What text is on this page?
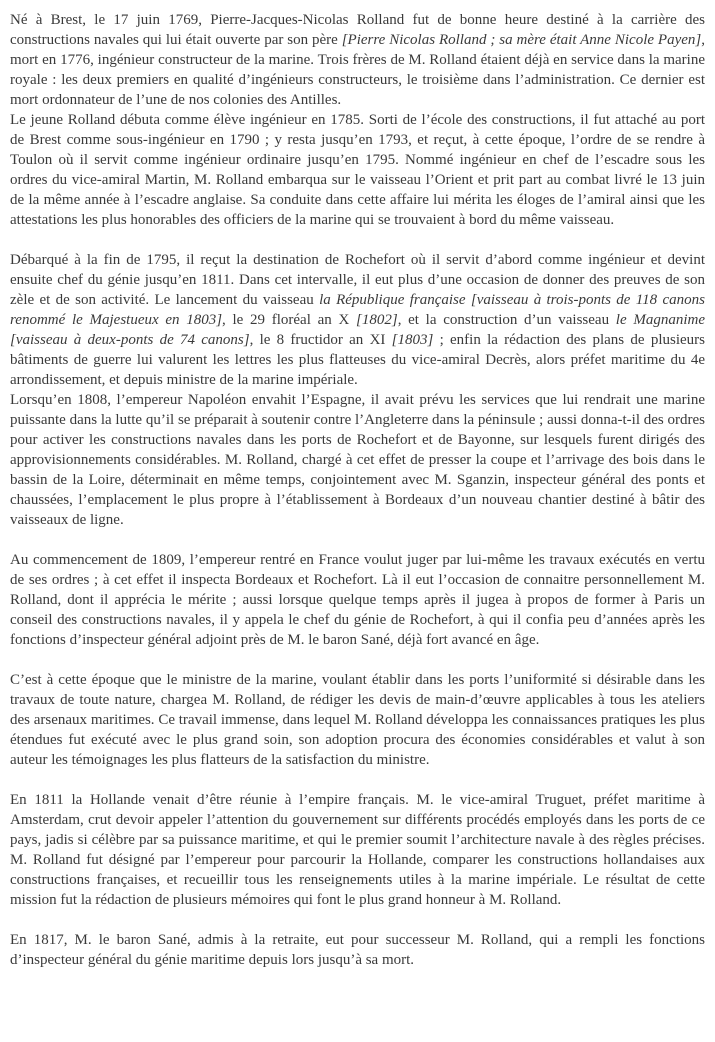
Né à Brest, le 17 juin 1769, Pierre-Jacques-Nicolas Rolland fut de bonne heure destiné à la carrière des constructions navales qui lui était ouverte par son père [Pierre Nicolas Rolland ; sa mère était Anne Nicole Payen], mort en 1776, ingénieur constructeur de la marine. Trois frères de M. Rolland étaient déjà en service dans la marine royale : les deux premiers en qualité d’ingénieurs constructeurs, le troisième dans l’administration. Ce dernier est mort ordonnateur de l’une de nos colonies des Antilles.

Le jeune Rolland débuta comme élève ingénieur en 1785. Sorti de l’école des constructions, il fut attaché au port de Brest comme sous-ingénieur en 1790 ; y resta jusqu’en 1793, et reçut, à cette époque, l’ordre de se rendre à Toulon où il servit comme ingénieur ordinaire jusqu’en 1795. Nommé ingénieur en chef de l’escadre sous les ordres du vice-amiral Martin, M. Rolland embarqua sur le vaisseau l’Orient et prit part au combat livré le 13 juin de la même année à l’escadre anglaise. Sa conduite dans cette affaire lui mérita les éloges de l’amiral ainsi que les attestations les plus honorables des officiers de la marine qui se trouvaient à bord du même vaisseau.

Débarqué à la fin de 1795, il reçut la destination de Rochefort où il servit d’abord comme ingénieur et devint ensuite chef du génie jusqu’en 1811. Dans cet intervalle, il eut plus d’une occasion de donner des preuves de son zèle et de son activité. Le lancement du vaisseau la République française [vaisseau à trois-ponts de 118 canons renommé le Majestueux en 1803], le 29 floréal an X [1802], et la construction d’un vaisseau le Magnanime [vaisseau à deux-ponts de 74 canons], le 8 fructidor an XI [1803] ; enfin la rédaction des plans de plusieurs bâtiments de guerre lui valurent les lettres les plus flatteuses du vice-amiral Decrès, alors préfet maritime du 4e arrondissement, et depuis ministre de la marine impériale.

Lorsqu’en 1808, l’empereur Napoléon envahit l’Espagne, il avait prévu les services que lui rendrait une marine puissante dans la lutte qu’il se préparait à soutenir contre l’Angleterre dans la péninsule ; aussi donna-t-il des ordres pour activer les constructions navales dans les ports de Rochefort et de Bayonne, sur lesquels furent dirigés des approvisionnements considérables. M. Rolland, chargé à cet effet de presser la coupe et l’arrivage des bois dans le bassin de la Loire, déterminait en même temps, conjointement avec M. Sganzin, inspecteur général des ponts et chaussées, l’emplacement le plus propre à l’établissement à Bordeaux d’un nouveau chantier destiné à bâtir des vaisseaux de ligne.

Au commencement de 1809, l’empereur rentré en France voulut juger par lui-même les travaux exécutés en vertu de ses ordres ; à cet effet il inspecta Bordeaux et Rochefort. Là il eut l’occasion de connaitre personnellement M. Rolland, dont il apprécia le mérite ; aussi lorsque quelque temps après il jugea à propos de former à Paris un conseil des constructions navales, il y appela le chef du génie de Rochefort, à qui il confia peu d’années après les fonctions d’inspecteur général adjoint près de M. le baron Sané, déjà fort avancé en âge.

C’est à cette époque que le ministre de la marine, voulant établir dans les ports l’uniformité si désirable dans les travaux de toute nature, chargea M. Rolland, de rédiger les devis de main-d’œuvre applicables à tous les ateliers des arsenaux maritimes. Ce travail immense, dans lequel M. Rolland développa les connaissances pratiques les plus étendues fut exécuté avec le plus grand soin, son adoption procura des économies considérables et valut à son auteur les témoignages les plus flatteurs de la satisfaction du ministre.

En 1811 la Hollande venait d’être réunie à l’empire français. M. le vice-amiral Truguet, préfet maritime à Amsterdam, crut devoir appeler l’attention du gouvernement sur différents procédés employés dans les ports de ce pays, jadis si célèbre par sa puissance maritime, et qui le premier soumit l’architecture navale à des règles précises. M. Rolland fut désigné par l’empereur pour parcourir la Hollande, comparer les constructions hollandaises aux constructions françaises, et recueillir tous les renseignements utiles à la marine impériale. Le résultat de cette mission fut la rédaction de plusieurs mémoires qui font le plus grand honneur à M. Rolland.

En 1817, M. le baron Sané, admis à la retraite, eut pour successeur M. Rolland, qui a rempli les fonctions d’inspecteur général du génie maritime depuis lors jusqu’à sa mort.
